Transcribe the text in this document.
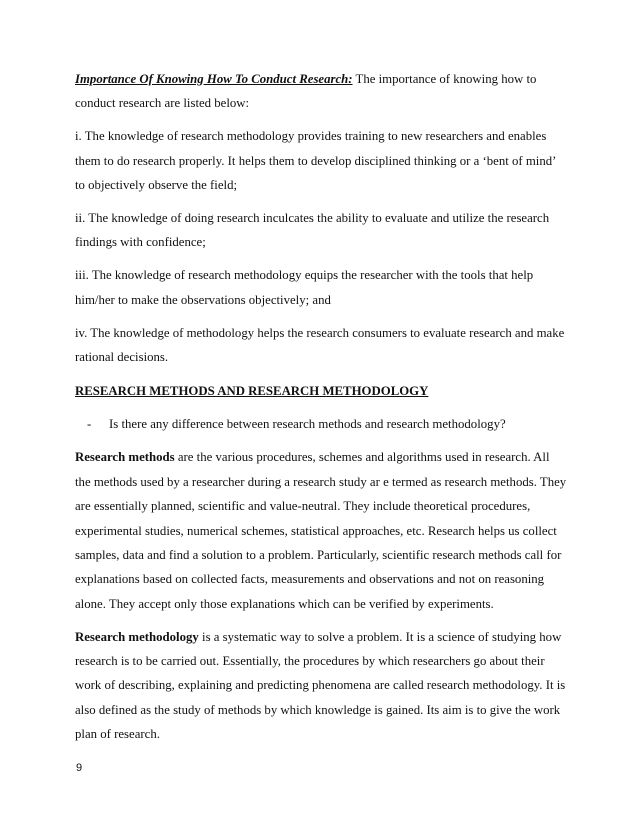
Importance Of Knowing How To Conduct Research: The importance of knowing how to conduct research are listed below:

i. The knowledge of research methodology provides training to new researchers and enables them to do research properly. It helps them to develop disciplined thinking or a ‘bent of mind’ to objectively observe the field;

ii. The knowledge of doing research inculcates the ability to evaluate and utilize the research findings with confidence;

iii. The knowledge of research methodology equips the researcher with the tools that help him/her to make the observations objectively; and

iv. The knowledge of methodology helps the research consumers to evaluate research and make rational decisions.

RESEARCH METHODS AND RESEARCH METHODOLOGY

- Is there any difference between research methods and research methodology?

Research methods are the various procedures, schemes and algorithms used in research. All the methods used by a researcher during a research study ar e termed as research methods. They are essentially planned, scientific and value-neutral. They include theoretical procedures, experimental studies, numerical schemes, statistical approaches, etc. Research helps us collect samples, data and find a solution to a problem. Particularly, scientific research methods call for explanations based on collected facts, measurements and observations and not on reasoning alone. They accept only those explanations which can be verified by experiments.

Research methodology is a systematic way to solve a problem. It is a science of studying how research is to be carried out. Essentially, the procedures by which researchers go about their work of describing, explaining and predicting phenomena are called research methodology. It is also defined as the study of methods by which knowledge is gained. Its aim is to give the work plan of research.

9
